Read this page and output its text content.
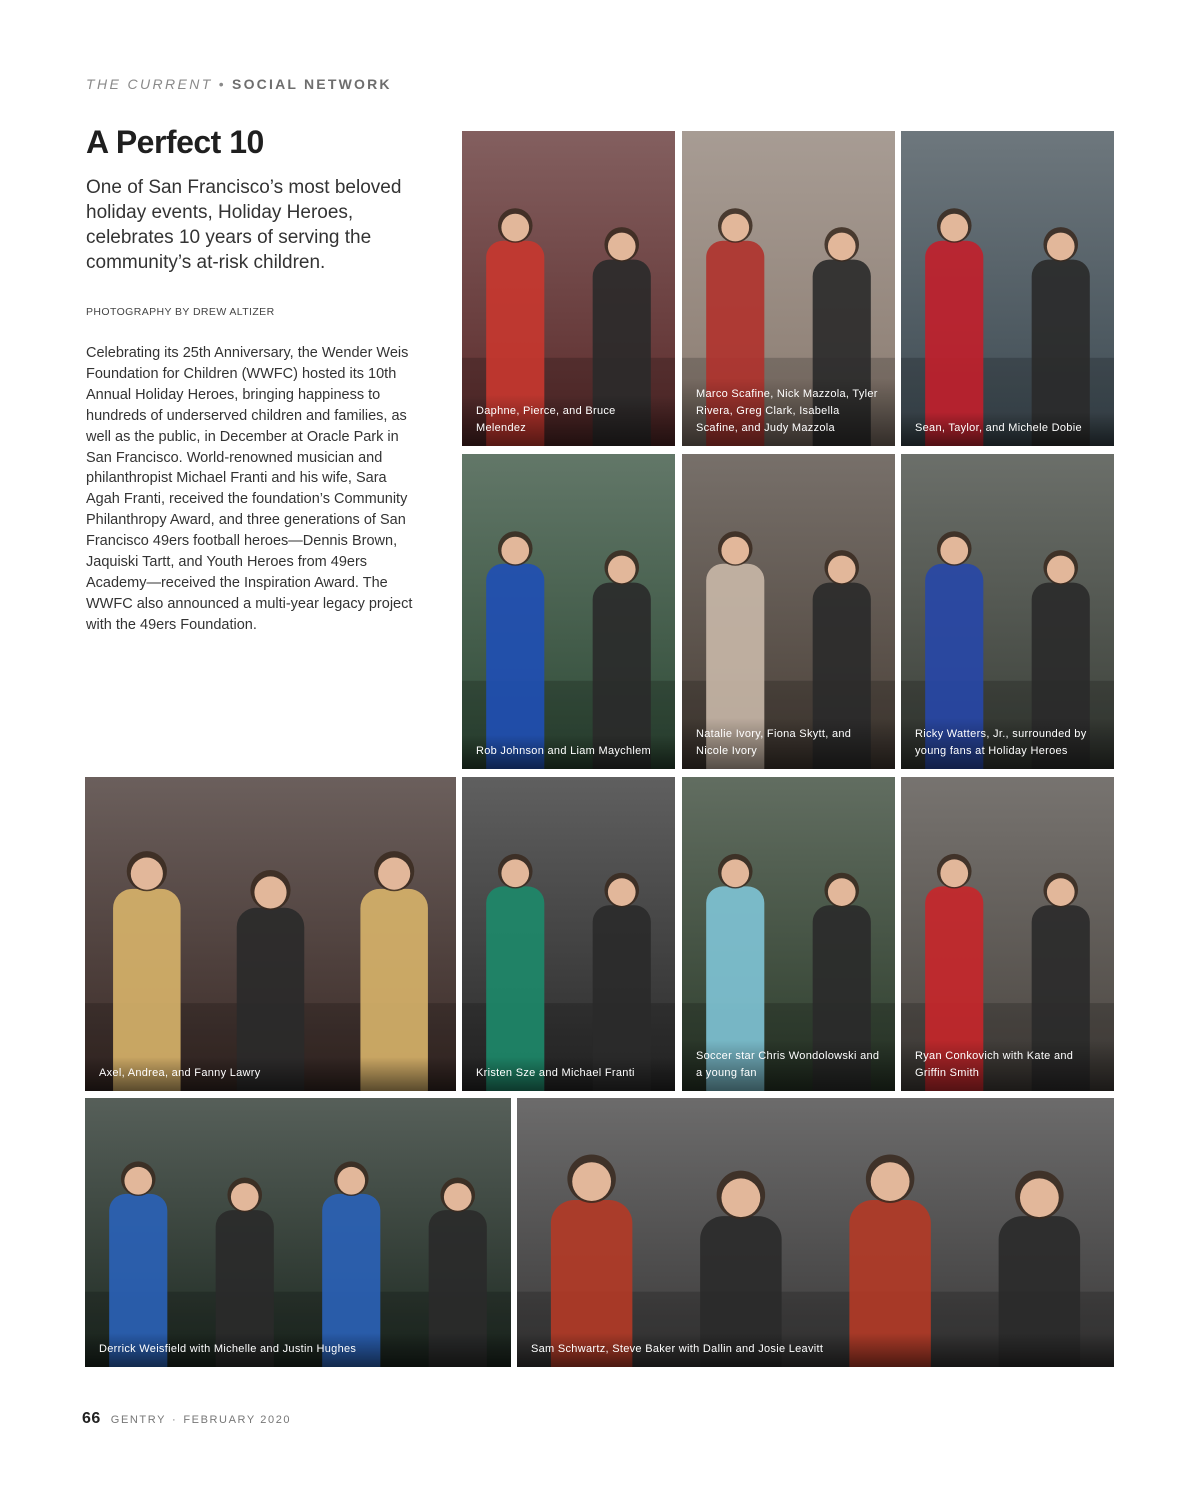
THE CURRENT • SOCIAL NETWORK
A Perfect 10

One of San Francisco’s most beloved holiday events, Holiday Heroes, celebrates 10 years of serving the community’s at-risk children.

PHOTOGRAPHY BY DREW ALTIZER

Celebrating its 25th Anniversary, the Wender Weis Foundation for Children (WWFC) hosted its 10th Annual Holiday Heroes, bringing happiness to hundreds of underserved children and families, as well as the public, in December at Oracle Park in San Francisco. World-renowned musician and philanthropist Michael Franti and his wife, Sara Agah Franti, received the foundation’s Community Philanthropy Award, and three generations of San Francisco 49ers football heroes—Dennis Brown, Jaquiski Tartt, and Youth Heroes from 49ers Academy—received the Inspiration Award. The WWFC also announced a multi-year legacy project with the 49ers Foundation.

Daphne, Pierce, and Bruce Melendez
Marco Scafine, Nick Mazzola, Tyler Rivera, Greg Clark, Isabella Scafine, and Judy Mazzola	Sean, Taylor, and Michele Dobie
Rob Johnson and Liam Maychlem
Natalie Ivory, Fiona Skytt, and Nicole Ivory
Ricky Watters, Jr., surrounded by young fans at Holiday Heroes
Axel, Andrea, and Fanny Lawry	Kristen Sze and Michael Franti
Soccer star Chris Wondolowski and a young fan
Ryan Conkovich with Kate and Griffin Smith
Derrick Weisfield with Michelle and Justin Hughes	Sam Schwartz, Steve Baker with Dallin and Josie Leavitt
66 GENTRY · FEBRUARY 2020
